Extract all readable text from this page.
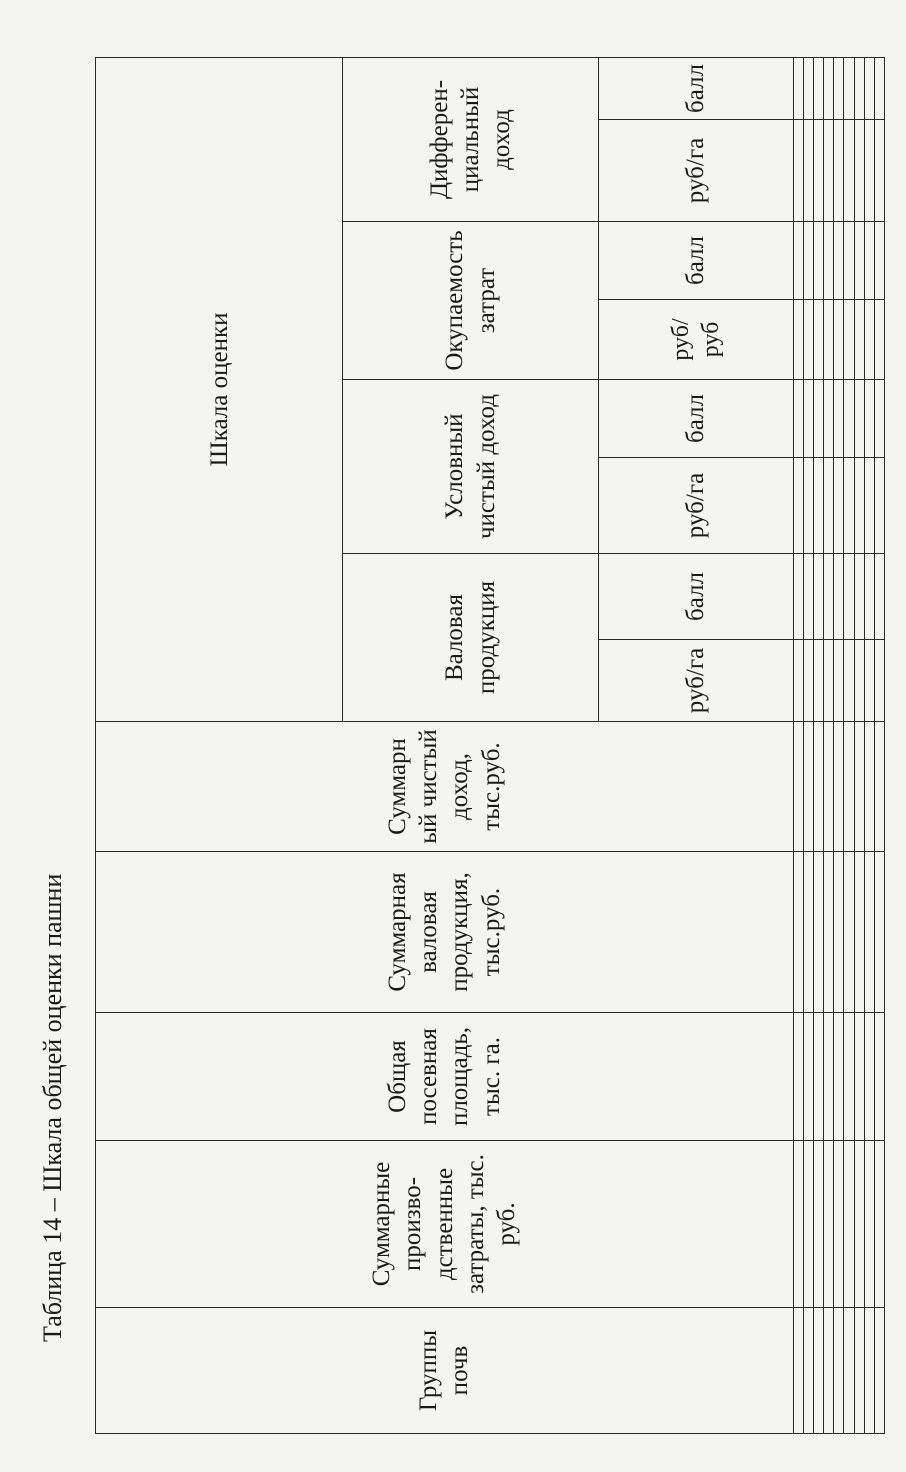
Таблица 14 – Шкала общей оценки пашни
Группы почв	Суммарные произво-дственные затраты, тыс. руб.	Общая посевная площадь, тыс. га.	Суммарная валовая продукция, тыс.руб.	Суммарн ый чистый доход, тыс.руб.	Шкала оценки							
					Валовая продукция		Условный чистый доход		Окупаемость затрат		Дифферен-циальный доход	
					руб/га	балл	руб/га	балл	руб/ руб	балл	руб/га	балл
